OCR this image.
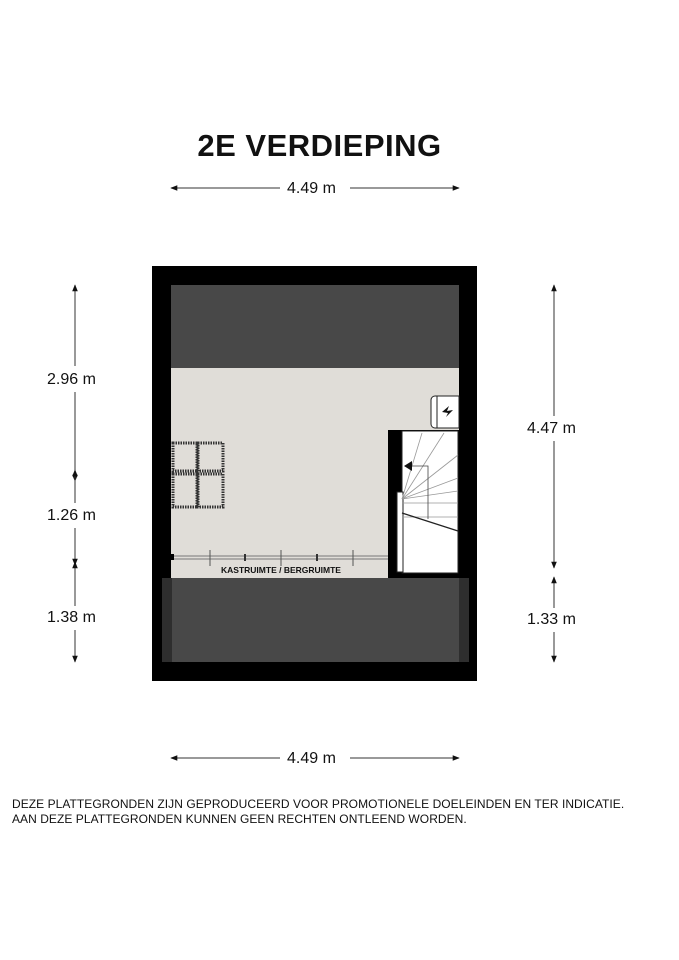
2E VERDIEPING
KASTRUIMTE / BERGRUIMTE
4.49 m
4.49 m
2.96 m
1.26 m
1.38 m
4.47 m
1.33 m
DEZE PLATTEGRONDEN ZIJN GEPRODUCEERD VOOR PROMOTIONELE DOELEINDEN EN TER INDICATIE.
AAN DEZE PLATTEGRONDEN KUNNEN GEEN RECHTEN ONTLEEND WORDEN.
